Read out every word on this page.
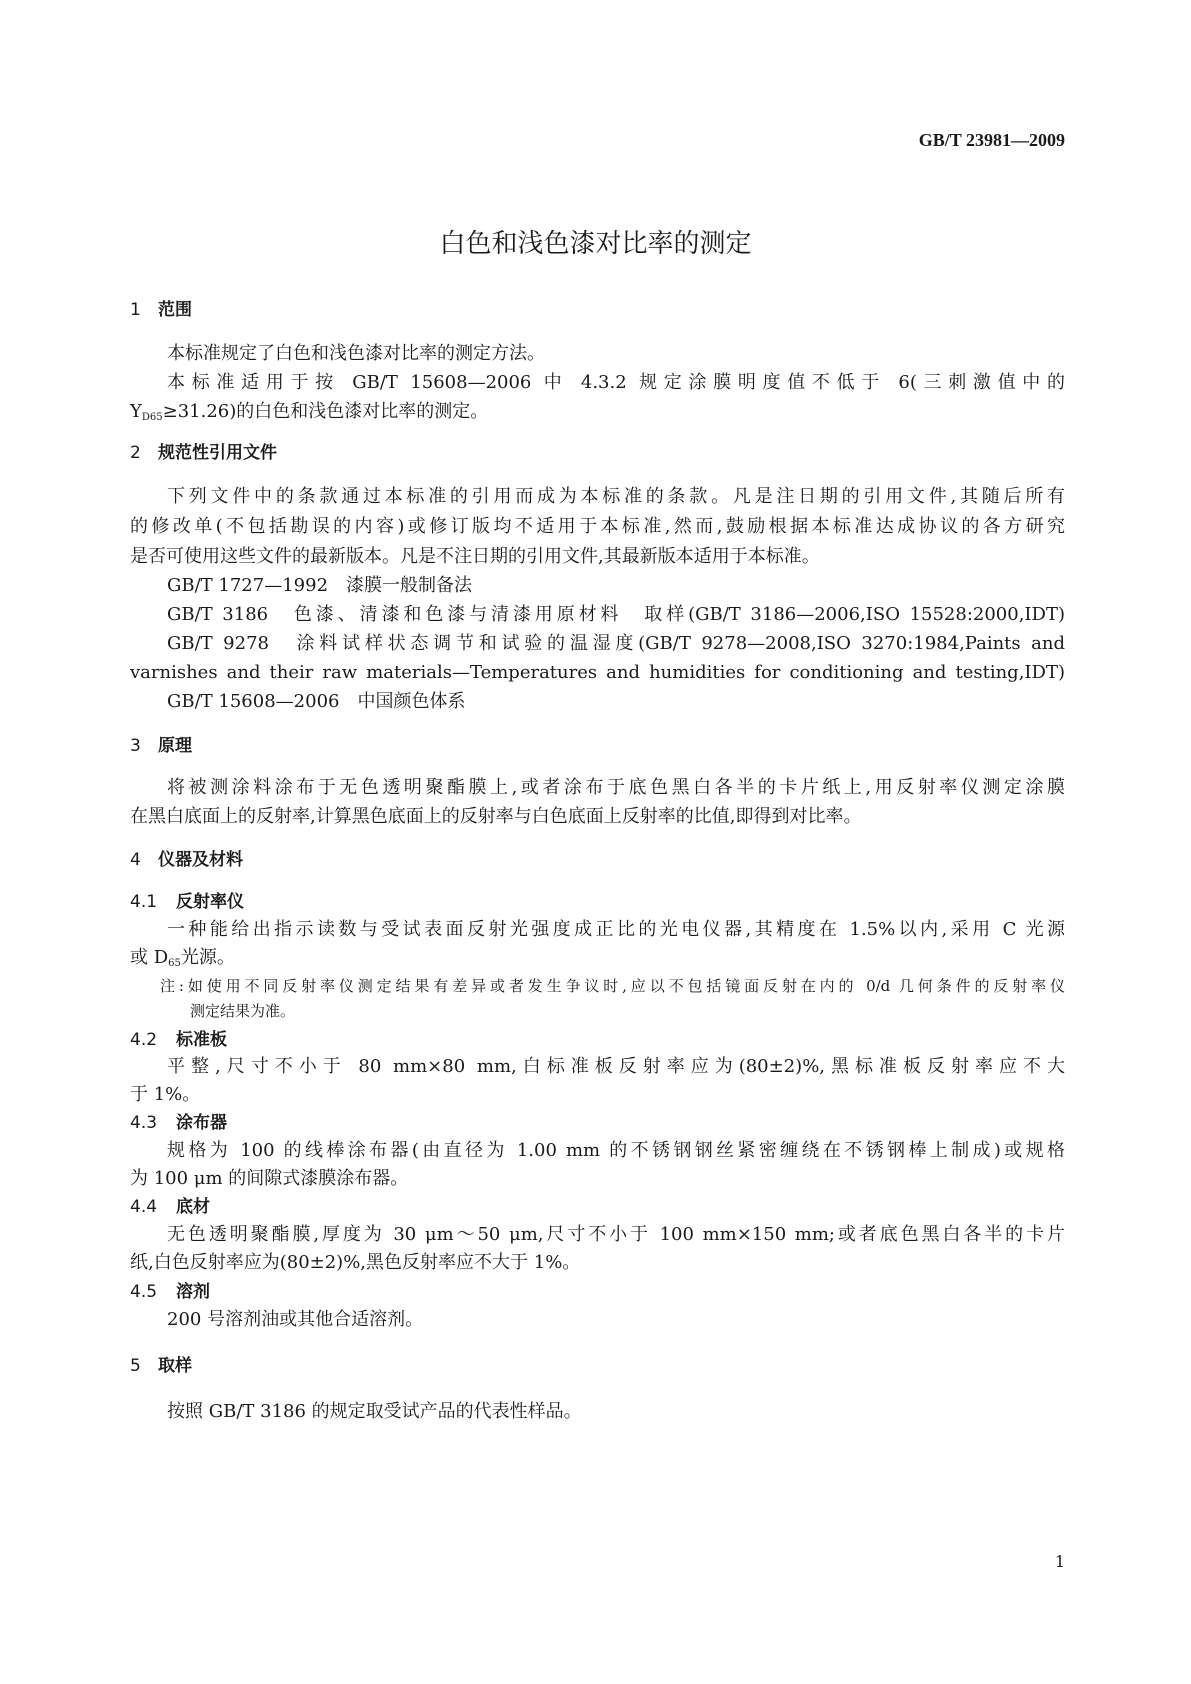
GB/T 23981—2009
白色和浅色漆对比率的测定
1 范围
本标准规定了白色和浅色漆对比率的测定方法。
本标准适用于按 GB/T 15608—2006 中 4.3.2 规定涂膜明度值不低于 6(三刺激值中的
$Y_{D65}\ge 31.26$)的白色和浅色漆对比率的测定。
2 规范性引用文件
下列文件中的条款通过本标准的引用而成为本标准的条款。凡是注日期的引用文件,其随后所有
的修改单(不包括勘误的内容)或修订版均不适用于本标准,然而,鼓励根据本标准达成协议的各方研究
是否可使用这些文件的最新版本。凡是不注日期的引用文件,其最新版本适用于本标准。
GB/T 1727—1992　漆膜一般制备法
GB/T 3186　色漆、清漆和色漆与清漆用原材料　取样(GB/T 3186—2006,ISO 15528:2000,IDT)
GB/T 9278　涂料试样状态调节和试验的温湿度(GB/T 9278—2008,ISO 3270:1984,Paints and
varnishes and their raw materials—Temperatures and humidities for conditioning and testing,IDT)
GB/T 15608—2006　中国颜色体系
3 原理
将被测涂料涂布于无色透明聚酯膜上,或者涂布于底色黑白各半的卡片纸上,用反射率仪测定涂膜
在黑白底面上的反射率,计算黑色底面上的反射率与白色底面上反射率的比值,即得到对比率。
4 仪器及材料
4.1 反射率仪
一种能给出指示读数与受试表面反射光强度成正比的光电仪器,其精度在 1.5%以内,采用 C 光源
或 $D_{65}$光源。
注:如使用不同反射率仪测定结果有差异或者发生争议时,应以不包括镜面反射在内的 0/d 几何条件的反射率仪
测定结果为准。
4.2 标准板
平整,尺寸不小于 80 mm×80 mm,白标准板反射率应为(80±2)%,黑标准板反射率应不大
于 1%。
4.3 涂布器
规格为 100 的线棒涂布器(由直径为 1.00 mm 的不锈钢钢丝紧密缠绕在不锈钢棒上制成)或规格
为 100 μm 的间隙式漆膜涂布器。
4.4 底材
无色透明聚酯膜,厚度为 30 μm～50 μm,尺寸不小于 100 mm×150 mm;或者底色黑白各半的卡片
纸,白色反射率应为(80±2)%,黑色反射率应不大于 1%。
4.5 溶剂
200 号溶剂油或其他合适溶剂。
5 取样
按照 GB/T 3186 的规定取受试产品的代表性样品。
1
